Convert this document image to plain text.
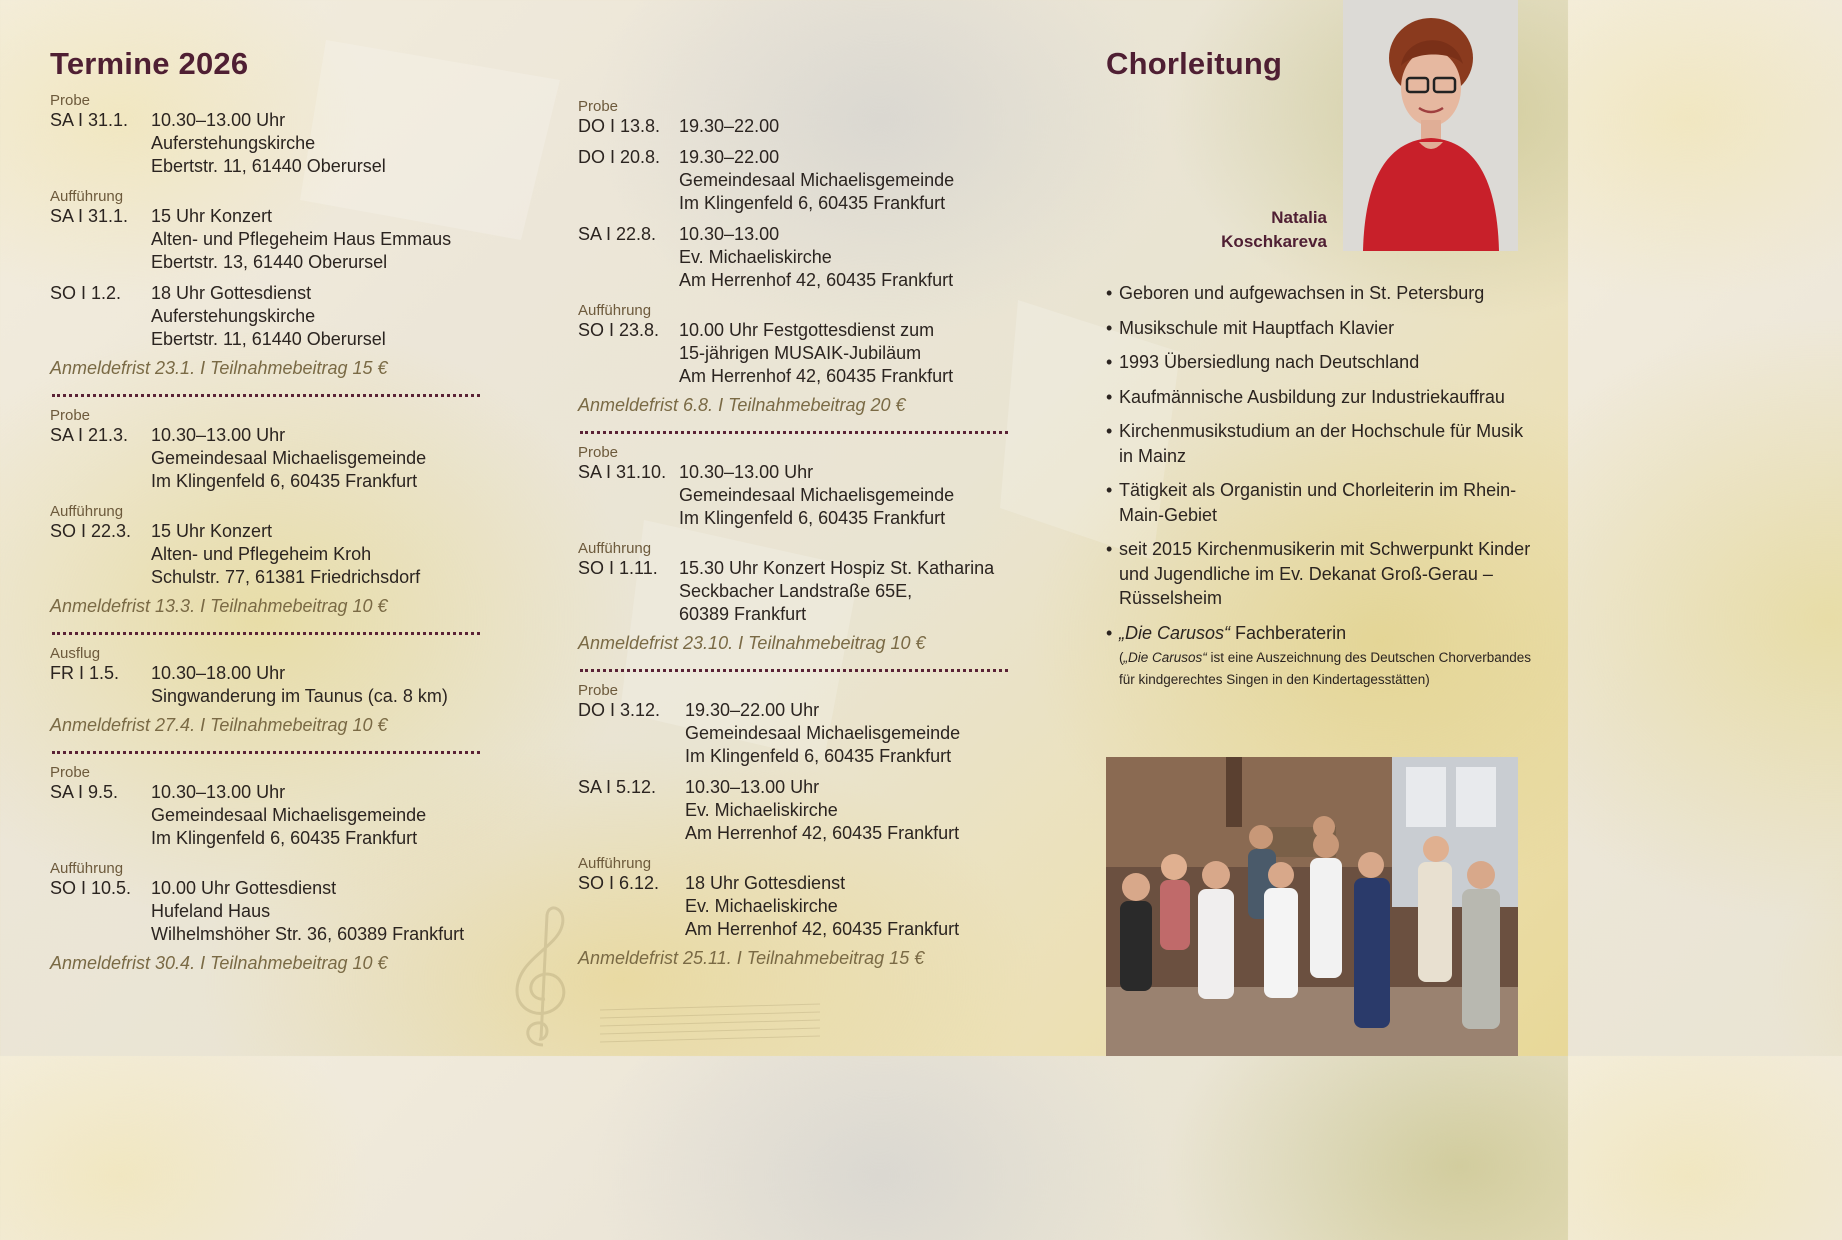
Termine 2026
Probe
SA I 31.1.	10.30–13.00 Uhr
Auferstehungskirche
Ebertstr. 11, 61440 Oberursel
Aufführung
SA I 31.1.	15 Uhr Konzert
Alten- und Pflegeheim Haus Emmaus
Ebertstr. 13, 61440 Oberursel
SO I 1.2.	18 Uhr Gottesdienst
Auferstehungskirche
Ebertstr. 11, 61440 Oberursel
Anmeldefrist 23.1. I Teilnahmebeitrag 15 €
Probe
SA I 21.3.	10.30–13.00 Uhr
Gemeindesaal Michaelisgemeinde
Im Klingenfeld 6, 60435 Frankfurt
Aufführung
SO I 22.3.	15 Uhr Konzert
Alten- und Pflegeheim Kroh
Schulstr. 77, 61381 Friedrichsdorf
Anmeldefrist 13.3. I Teilnahmebeitrag 10 €
Ausflug
FR I 1.5.	10.30–18.00 Uhr
Singwanderung im Taunus (ca. 8 km)
Anmeldefrist 27.4. I Teilnahmebeitrag 10 €
Probe
SA I 9.5.	10.30–13.00 Uhr
Gemeindesaal Michaelisgemeinde
Im Klingenfeld 6, 60435 Frankfurt
Aufführung
SO I 10.5.	10.00 Uhr Gottesdienst
Hufeland Haus
Wilhelmshöher Str. 36, 60389 Frankfurt
Anmeldefrist 30.4. I Teilnahmebeitrag 10 €
Probe
DO I 13.8.	19.30–22.00
DO I 20.8.	19.30–22.00
Gemeindesaal Michaelisgemeinde
Im Klingenfeld 6, 60435 Frankfurt
SA I 22.8.	10.30–13.00
Ev. Michaeliskirche
Am Herrenhof 42, 60435 Frankfurt
Aufführung
SO I 23.8.	10.00 Uhr Festgottesdienst zum
15-jährigen MUSAIK-Jubiläum
Am Herrenhof 42, 60435 Frankfurt
Anmeldefrist 6.8. I Teilnahmebeitrag 20 €
Probe
SA I 31.10. 10.30–13.00 Uhr
Gemeindesaal Michaelisgemeinde
Im Klingenfeld 6, 60435 Frankfurt
Aufführung
SO I 1.11.	15.30 Uhr Konzert Hospiz St. Katharina
Seckbacher Landstraße 65E,
60389 Frankfurt
Anmeldefrist 23.10. I Teilnahmebeitrag 10 €
Probe
DO I 3.12.	19.30–22.00 Uhr
Gemeindesaal Michaelisgemeinde
Im Klingenfeld 6, 60435 Frankfurt
SA I 5.12.	10.30–13.00 Uhr
Ev. Michaeliskirche
Am Herrenhof 42, 60435 Frankfurt
Aufführung
SO I 6.12.	18 Uhr Gottesdienst
Ev. Michaeliskirche
Am Herrenhof 42, 60435 Frankfurt
Anmeldefrist 25.11. I Teilnahmebeitrag 15 €
Chorleitung
Natalia
Koschkareva
• Geboren und aufgewachsen in St. Petersburg
• Musikschule mit Hauptfach Klavier
• 1993 Übersiedlung nach Deutschland
• Kaufmännische Ausbildung zur Industriekauffrau
• Kirchenmusikstudium an der Hochschule für Musik in Mainz
• Tätigkeit als Organistin und Chorleiterin im Rhein-Main-Gebiet
• seit 2015 Kirchenmusikerin mit Schwerpunkt Kinder und Jugendliche im Ev. Dekanat Groß-Gerau – Rüsselsheim
• „Die Carusos“ Fachberaterin
(„Die Carusos“ ist eine Auszeichnung des Deutschen Chorverbandes für kindgerechtes Singen in den Kindertagesstätten)
